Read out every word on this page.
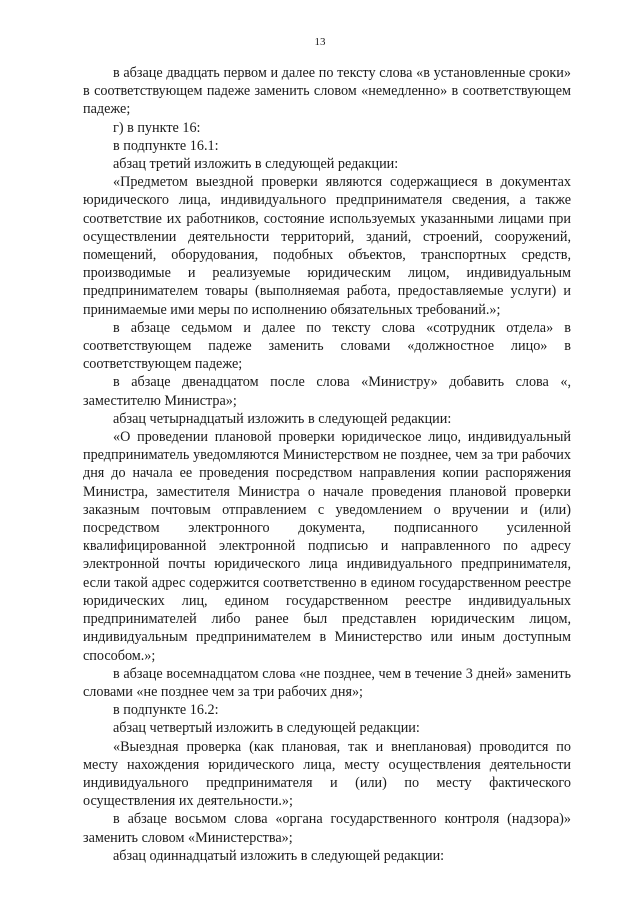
13

в абзаце двадцать первом и далее по тексту слова «в установленные сроки» в соответствующем падеже заменить словом «немедленно» в соответствующем падеже;

г) в пункте 16:

в подпункте 16.1:

абзац третий изложить в следующей редакции:

«Предметом выездной проверки являются содержащиеся в документах юридического лица, индивидуального предпринимателя сведения, а также соответствие их работников, состояние используемых указанными лицами при осуществлении деятельности территорий, зданий, строений, сооружений, помещений, оборудования, подобных объектов, транспортных средств, производимые и реализуемые юридическим лицом, индивидуальным предпринимателем товары (выполняемая работа, предоставляемые услуги) и принимаемые ими меры по исполнению обязательных требований.»;

в абзаце седьмом и далее по тексту слова «сотрудник отдела» в соответствующем падеже заменить словами «должностное лицо» в соответствующем падеже;

в абзаце двенадцатом после слова «Министру» добавить слова «, заместителю Министра»;

абзац четырнадцатый изложить в следующей редакции:

«О проведении плановой проверки юридическое лицо, индивидуальный предприниматель уведомляются Министерством не позднее, чем за три рабочих дня до начала ее проведения посредством направления копии распоряжения Министра, заместителя Министра о начале проведения плановой проверки заказным почтовым отправлением с уведомлением о вручении и (или) посредством электронного документа, подписанного усиленной квалифицированной электронной подписью и направленного по адресу электронной почты юридического лица индивидуального предпринимателя, если такой адрес содержится соответственно в едином государственном реестре юридических лиц, едином государственном реестре индивидуальных предпринимателей либо ранее был представлен юридическим лицом, индивидуальным предпринимателем в Министерство или иным доступным способом.»;

в абзаце восемнадцатом слова «не позднее, чем в течение 3 дней» заменить словами «не позднее чем за три рабочих дня»;

в подпункте 16.2:

абзац четвертый изложить в следующей редакции:

«Выездная проверка (как плановая, так и внеплановая) проводится по месту нахождения юридического лица, месту осуществления деятельности индивидуального предпринимателя и (или) по месту фактического осуществления их деятельности.»;

в абзаце восьмом слова «органа государственного контроля (надзора)» заменить словом «Министерства»;

абзац одиннадцатый изложить в следующей редакции:
